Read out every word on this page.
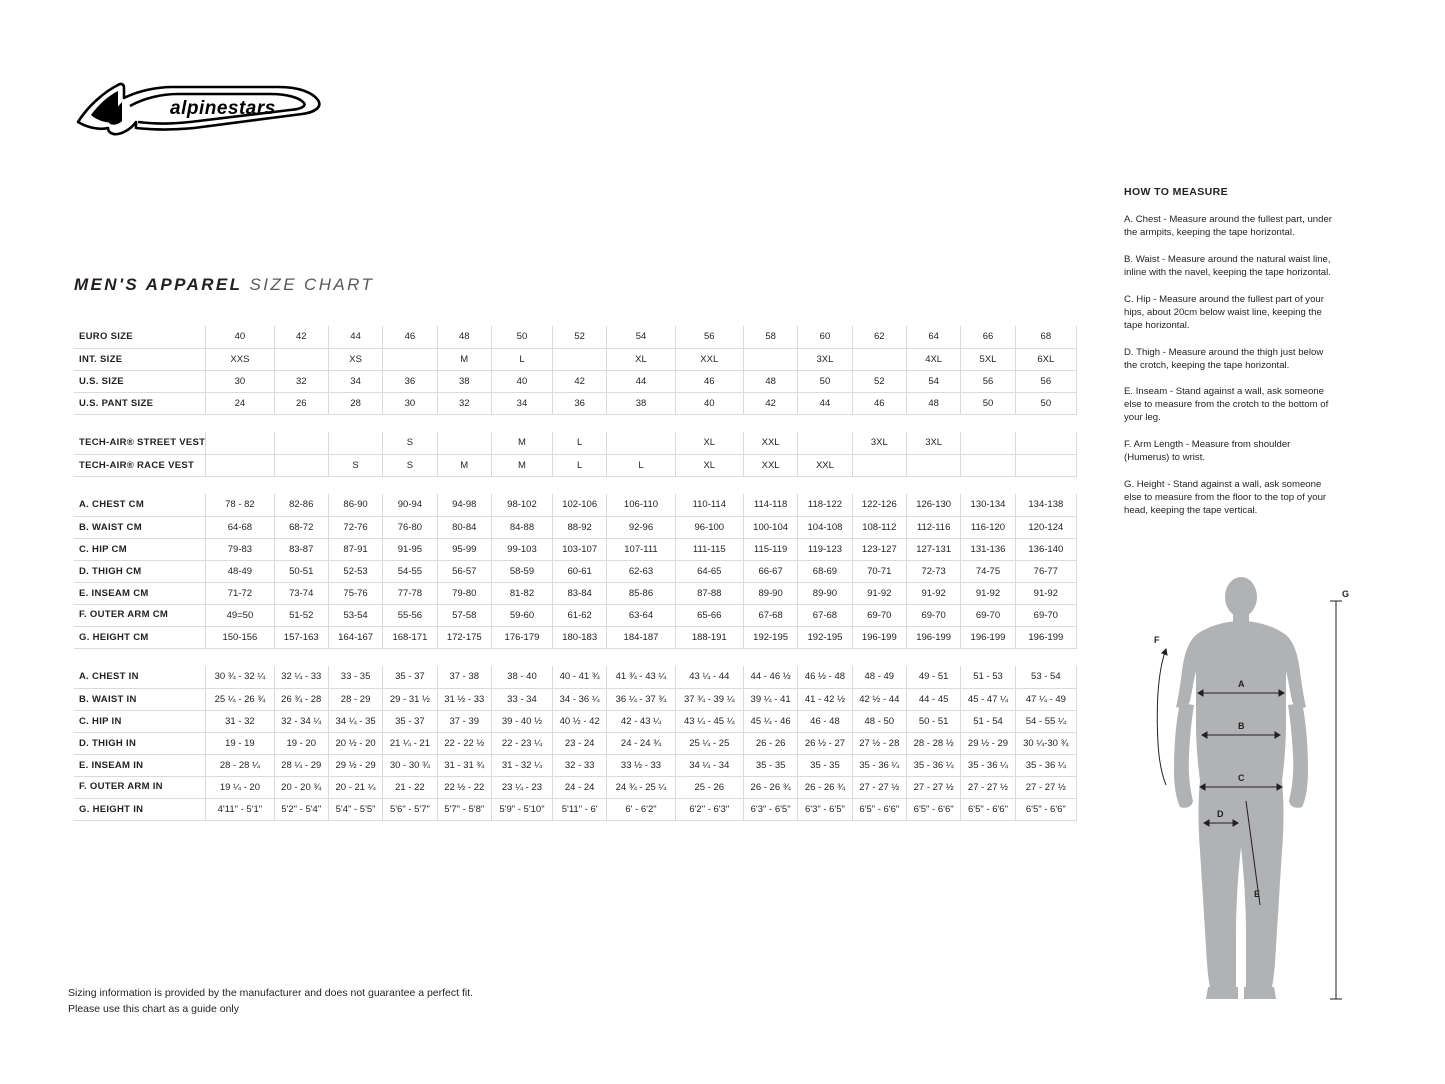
alpinestars
MEN'S APPAREL SIZE CHART
EURO SIZE	40	42	44	46	48	50	52	54	56	58	60	62	64	66	68
INT. SIZE	XXS		XS		M	L		XL	XXL		3XL		4XL	5XL	6XL
U.S. SIZE	30	32	34	36	38	40	42	44	46	48	50	52	54	56	56
U.S. PANT SIZE	24	26	28	30	32	34	36	38	40	42	44	46	48	50	50

TECH-AIR® STREET VEST				S		M	L		XL	XXL		3XL	3XL		
TECH-AIR® RACE VEST			S	S	M	M	L	L	XL	XXL	XXL				

A. CHEST CM	78 - 82	82-86	86-90	90-94	94-98	98-102	102-106	106-110	110-114	114-118	118-122	122-126	126-130	130-134	134-138
B. WAIST CM	64-68	68-72	72-76	76-80	80-84	84-88	88-92	92-96	96-100	100-104	104-108	108-112	112-116	116-120	120-124
C. HIP CM	79-83	83-87	87-91	91-95	95-99	99-103	103-107	107-111	111-115	115-119	119-123	123-127	127-131	131-136	136-140
D. THIGH CM	48-49	50-51	52-53	54-55	56-57	58-59	60-61	62-63	64-65	66-67	68-69	70-71	72-73	74-75	76-77
E. INSEAM CM	71-72	73-74	75-76	77-78	79-80	81-82	83-84	85-86	87-88	89-90	89-90	91-92	91-92	91-92	91-92
F. OUTER ARM CM	49=50	51-52	53-54	55-56	57-58	59-60	61-62	63-64	65-66	67-68	67-68	69-70	69-70	69-70	69-70
G. HEIGHT CM	150-156	157-163	164-167	168-171	172-175	176-179	180-183	184-187	188-191	192-195	192-195	196-199	196-199	196-199	196-199

A. CHEST IN	30 ¾ - 32 ¼	32 ¼ - 33	33 - 35	35 - 37	37 - 38	38 - 40	40 - 41 ¾	41 ¾ - 43 ¼	43 ¼ - 44	44 - 46 ½	46 ½ - 48	48 - 49	49 - 51	51 - 53	53 - 54
B. WAIST IN	25 ¼ - 26 ¾	26 ¾ - 28	28 - 29	29 - 31 ½	31 ½ - 33	33 - 34	34 - 36 ¼	36 ¼ - 37 ¾	37 ¾ - 39 ¼	39 ¼ - 41	41 - 42 ½	42 ½ - 44	44 - 45	45 - 47 ¼	47 ¼ - 49
C. HIP IN	31 - 32	32 - 34 ¼	34 ¼ - 35	35 - 37	37 - 39	39 - 40 ½	40 ½ - 42	42 - 43 ¼	43 ¼ - 45 ¼	45 ¼ - 46	46 - 48	48 - 50	50 - 51	51 - 54	54 - 55 ¼
D. THIGH IN	19 - 19	19 - 20	20 ½ - 20	21 ¼ - 21	22 - 22 ½	22 - 23 ¼	23 - 24	24 - 24 ¾	25 ¼ - 25	26 - 26	26 ½ - 27	27 ½ - 28	28 - 28 ½	29 ½ - 29	30 ¼-30 ¾
E. INSEAM IN	28 - 28 ¼	28 ¼ - 29	29 ½ - 29	30 - 30 ¾	31 - 31 ¾	31 - 32 ¼	32 - 33	33 ½ - 33	34 ¼ - 34	35 - 35	35 - 35	35 - 36 ¼	35 - 36 ¼	35 - 36 ¼	35 - 36 ¼
F. OUTER ARM IN	19 ¼ - 20	20 - 20 ¾	20 - 21 ¼	21 - 22	22 ½ - 22	23 ¼ - 23	24 - 24	24 ¾ - 25 ¼	25 - 26	26 - 26 ¾	26 - 26 ¾	27 - 27 ½	27 - 27 ½	27 - 27 ½	27 - 27 ½
G. HEIGHT IN	4'11" - 5'1"	5'2" - 5'4"	5'4" - 5'5"	5'6" - 5'7"	5'7" - 5'8"	5'9" - 5'10"	5'11" - 6'	6' - 6'2"	6'2" - 6'3"	6'3" - 6'5"	6'3" - 6'5"	6'5" - 6'6"	6'5" - 6'6"	6'5" - 6'6"	6'5" - 6'6"
Sizing information is provided by the manufacturer and does not guarantee a perfect fit.
Please use this chart as a guide only
HOW TO MEASURE

A. Chest - Measure around the fullest part, under the armpits, keeping the tape horizontal.

B. Waist - Measure around the natural waist line, inline with the navel, keeping the tape horizontal.

C. Hip - Measure around the fullest part of your hips, about 20cm below waist line, keeping the tape horizontal.

D. Thigh - Measure around the thigh just below the crotch, keeping the tape horizontal.

E. Inseam - Stand against a wall, ask someone else to measure from the crotch to the bottom of your leg.

F. Arm Length - Measure from shoulder (Humerus) to wrist.

G. Height - Stand against a wall, ask someone else to measure from the floor to the top of your head, keeping the tape vertical.

A
B
C
D
E
F
G
